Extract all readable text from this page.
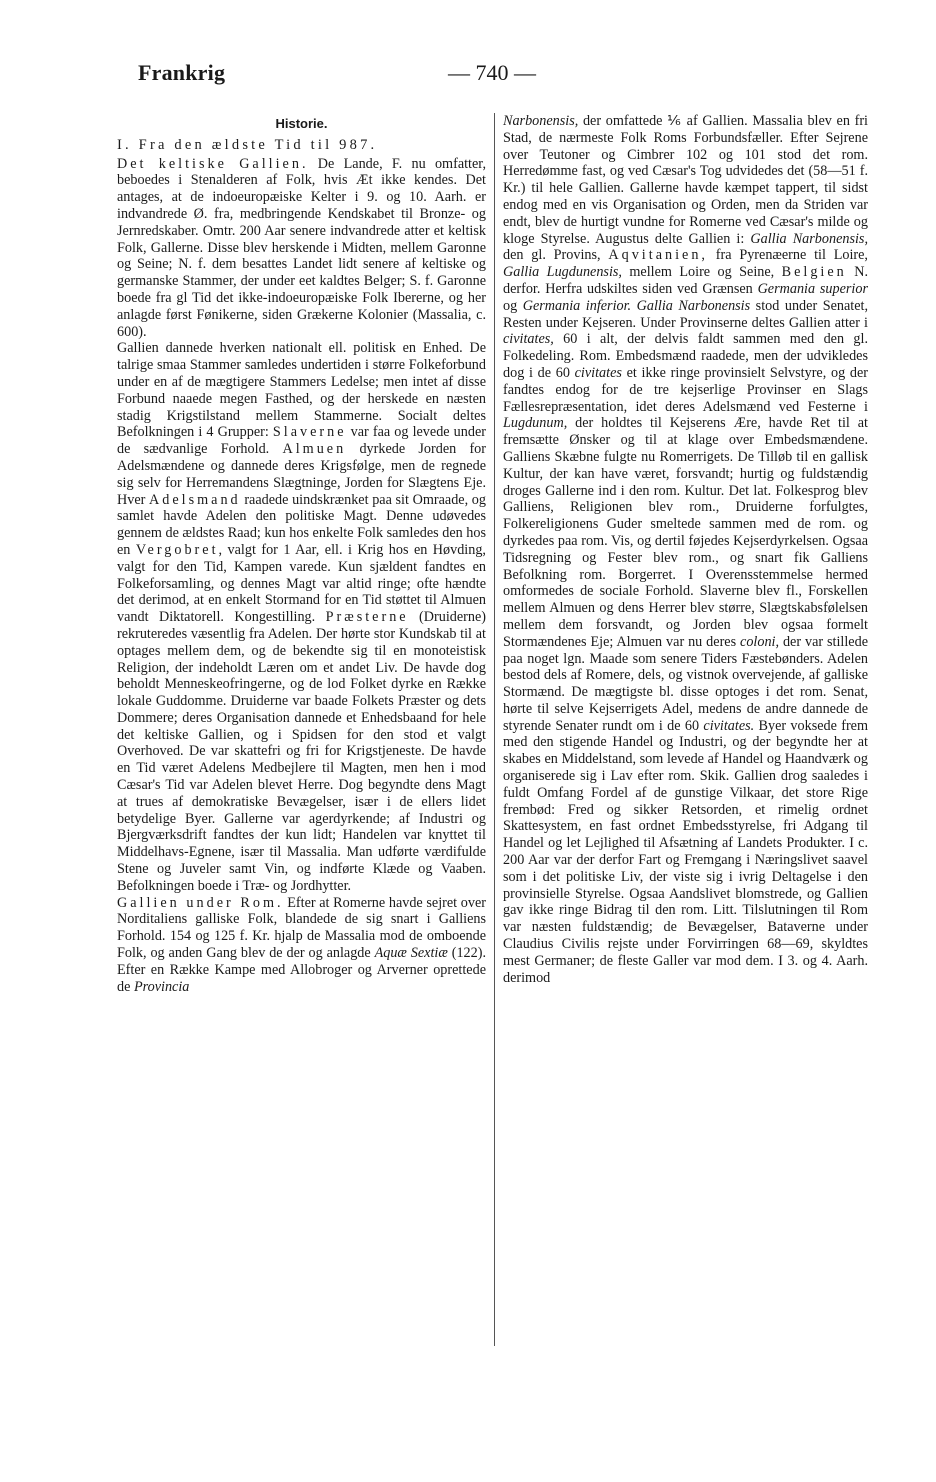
Frankrig	— 740 —
Historie.
I. Fra den ældste Tid til 987.

Det keltiske Gallien. De Lande, F. nu omfatter, beboedes i Stenalderen af Folk, hvis Æt ikke kendes. Det antages, at de indoeuropæiske Kelter i 9. og 10. Aarh. er indvandrede Ø. fra, medbringende Kendskabet til Bronze- og Jernredskaber. Omtr. 200 Aar senere indvandrede atter et keltisk Folk, Gallerne. Disse blev herskende i Midten, mellem Garonne og Seine; N. f. dem besattes Landet lidt senere af keltiske og germanske Stammer, der under eet kaldtes Belger; S. f. Garonne boede fra gl Tid det ikke-indoeuropæiske Folk Ibererne, og her anlagde først Fønikerne, siden Grækerne Kolonier (Massalia, c. 600).

Gallien dannede hverken nationalt ell. politisk en Enhed. De talrige smaa Stammer samledes undertiden i større Folkeforbund under en af de mægtigere Stammers Ledelse; men intet af disse Forbund naaede megen Fasthed, og der herskede en næsten stadig Krigstilstand mellem Stammerne. Socialt deltes Befolkningen i 4 Grupper: Slaverne var faa og levede under de sædvanlige Forhold. Almuen dyrkede Jorden for Adelsmændene og dannede deres Krigsfølge, men de regnede sig selv for Herremandens Slægtninge, Jorden for Slægtens Eje. Hver Adelsmand raadede uindskrænket paa sit Omraade, og samlet havde Adelen den politiske Magt. Denne udøvedes gennem de ældstes Raad; kun hos enkelte Folk samledes den hos en Vergobret, valgt for 1 Aar, ell. i Krig hos en Høvding, valgt for den Tid, Kampen varede. Kun sjældent fandtes en Folkeforsamling, og dennes Magt var altid ringe; ofte hændte det derimod, at en enkelt Stormand for en Tid støttet til Almuen vandt Diktatorell. Kongestilling. Præsterne (Druiderne) rekruteredes væsentlig fra Adelen. Der hørte stor Kundskab til at optages mellem dem, og de bekendte sig til en monoteistisk Religion, der indeholdt Læren om et andet Liv. De havde dog beholdt Menneskeofringerne, og de lod Folket dyrke en Række lokale Guddomme. Druiderne var baade Folkets Præster og dets Dommere; deres Organisation dannede et Enhedsbaand for hele det keltiske Gallien, og i Spidsen for den stod et valgt Overhoved. De var skattefri og fri for Krigstjeneste. De havde en Tid været Adelens Medbejlere til Magten, men hen i mod Cæsar's Tid var Adelen blevet Herre. Dog begyndte dens Magt at trues af demokratiske Bevægelser, især i de ellers lidet betydelige Byer. Gallerne var agerdyrkende; af Industri og Bjergværksdrift fandtes der kun lidt; Handelen var knyttet til Middelhavs-Egnene, især til Massalia. Man udførte værdifulde Stene og Juveler samt Vin, og indførte Klæde og Vaaben. Befolkningen boede i Træ- og Jordhytter.

Gallien under Rom. Efter at Romerne havde sejret over Norditaliens galliske Folk, blandede de sig snart i Galliens Forhold. 154 og 125 f. Kr. hjalp de Massalia mod de omboende Folk, og anden Gang blev de der og anlagde Aquæ Sextiæ (122). Efter en Række Kampe med Allobroger og Arverner oprettede de Provincia

Narbonensis, der omfattede ⅙ af Gallien. Massalia blev en fri Stad, de nærmeste Folk Roms Forbundsfæller. Efter Sejrene over Teutoner og Cimbrer 102 og 101 stod det rom. Herredømme fast, og ved Cæsar's Tog udvidedes det (58—51 f. Kr.) til hele Gallien. Gallerne havde kæmpet tappert, til sidst endog med en vis Organisation og Orden, men da Striden var endt, blev de hurtigt vundne for Romerne ved Cæsar's milde og kloge Styrelse. Augustus delte Gallien i: Gallia Narbonensis, den gl. Provins, Aqvitanien, fra Pyrenæerne til Loire, Gallia Lugdunensis, mellem Loire og Seine, Belgien N. derfor. Herfra udskiltes siden ved Grænsen Germania superior og Germania inferior. Gallia Narbonensis stod under Senatet, Resten under Kejseren. Under Provinserne deltes Gallien atter i civitates, 60 i alt, der delvis faldt sammen med den gl. Folkedeling. Rom. Embedsmænd raadede, men der udvikledes dog i de 60 civitates et ikke ringe provinsielt Selvstyre, og der fandtes endog for de tre kejserlige Provinser en Slags Fællesrepræsentation, idet deres Adelsmænd ved Festerne i Lugdunum, der holdtes til Kejserens Ære, havde Ret til at fremsætte Ønsker og til at klage over Embedsmændene. Galliens Skæbne fulgte nu Romerrigets. De Tilløb til en gallisk Kultur, der kan have været, forsvandt; hurtig og fuldstændig droges Gallerne ind i den rom. Kultur. Det lat. Folkesprog blev Galliens, Religionen blev rom., Druiderne forfulgtes, Folkereligionens Guder smeltede sammen med de rom. og dyrkedes paa rom. Vis, og dertil føjedes Kejserdyrkelsen. Ogsaa Tidsregning og Fester blev rom., og snart fik Galliens Befolkning rom. Borgerret. I Overensstemmelse hermed omformedes de sociale Forhold. Slaverne blev fl., Forskellen mellem Almuen og dens Herrer blev større, Slægtskabsfølelsen mellem dem forsvandt, og Jorden blev ogsaa formelt Stormændenes Eje; Almuen var nu deres coloni, der var stillede paa noget lgn. Maade som senere Tiders Fæstebønders. Adelen bestod dels af Romere, dels, og vistnok overvejende, af galliske Stormænd. De mægtigste bl. disse optoges i det rom. Senat, hørte til selve Kejserrigets Adel, medens de andre dannede de styrende Senater rundt om i de 60 civitates. Byer voksede frem med den stigende Handel og Industri, og der begyndte her at skabes en Middelstand, som levede af Handel og Haandværk og organiserede sig i Lav efter rom. Skik. Gallien drog saaledes i fuldt Omfang Fordel af de gunstige Vilkaar, det store Rige frembød: Fred og sikker Retsorden, et rimelig ordnet Skattesystem, en fast ordnet Embedsstyrelse, fri Adgang til Handel og let Lejlighed til Afsætning af Landets Produkter. I c. 200 Aar var der derfor Fart og Fremgang i Næringslivet saavel som i det politiske Liv, der viste sig i ivrig Deltagelse i den provinsielle Styrelse. Ogsaa Aandslivet blomstrede, og Gallien gav ikke ringe Bidrag til den rom. Litt. Tilslutningen til Rom var næsten fuldstændig; de Bevægelser, Bataverne under Claudius Civilis rejste under Forvirringen 68—69, skyldtes mest Germaner; de fleste Galler var mod dem. I 3. og 4. Aarh. derimod
